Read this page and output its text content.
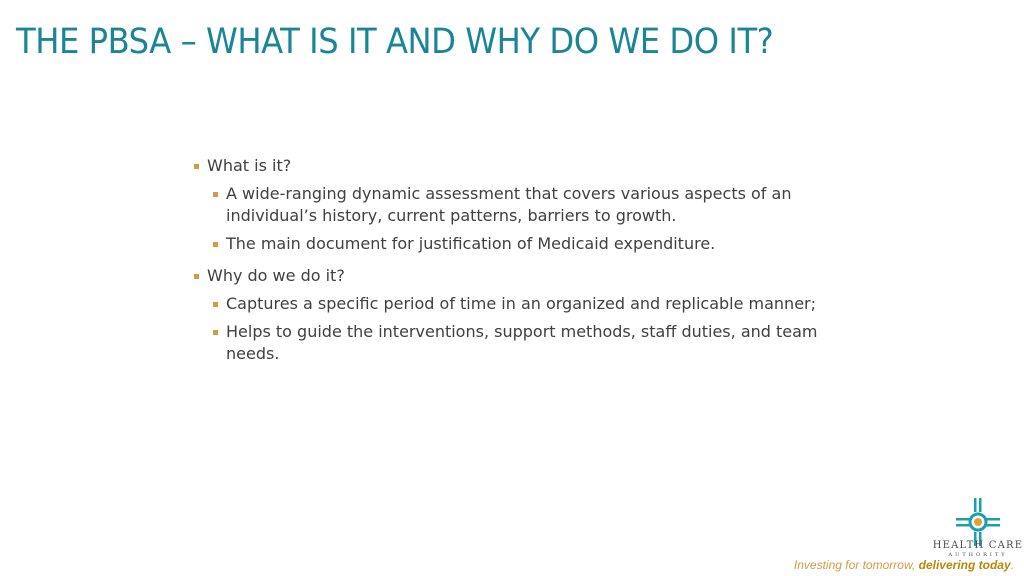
THE PBSA – WHAT IS IT AND WHY DO WE DO IT?
What is it?
A wide-ranging dynamic assessment that covers various aspects of an individual’s history, current patterns, barriers to growth.
The main document for justification of Medicaid expenditure.
Why do we do it?
Captures a specific period of time in an organized and replicable manner;
Helps to guide the interventions, support methods, staff duties, and team needs.
HEALTH CARE
AUTHORITY
Investing for tomorrow, delivering today.
